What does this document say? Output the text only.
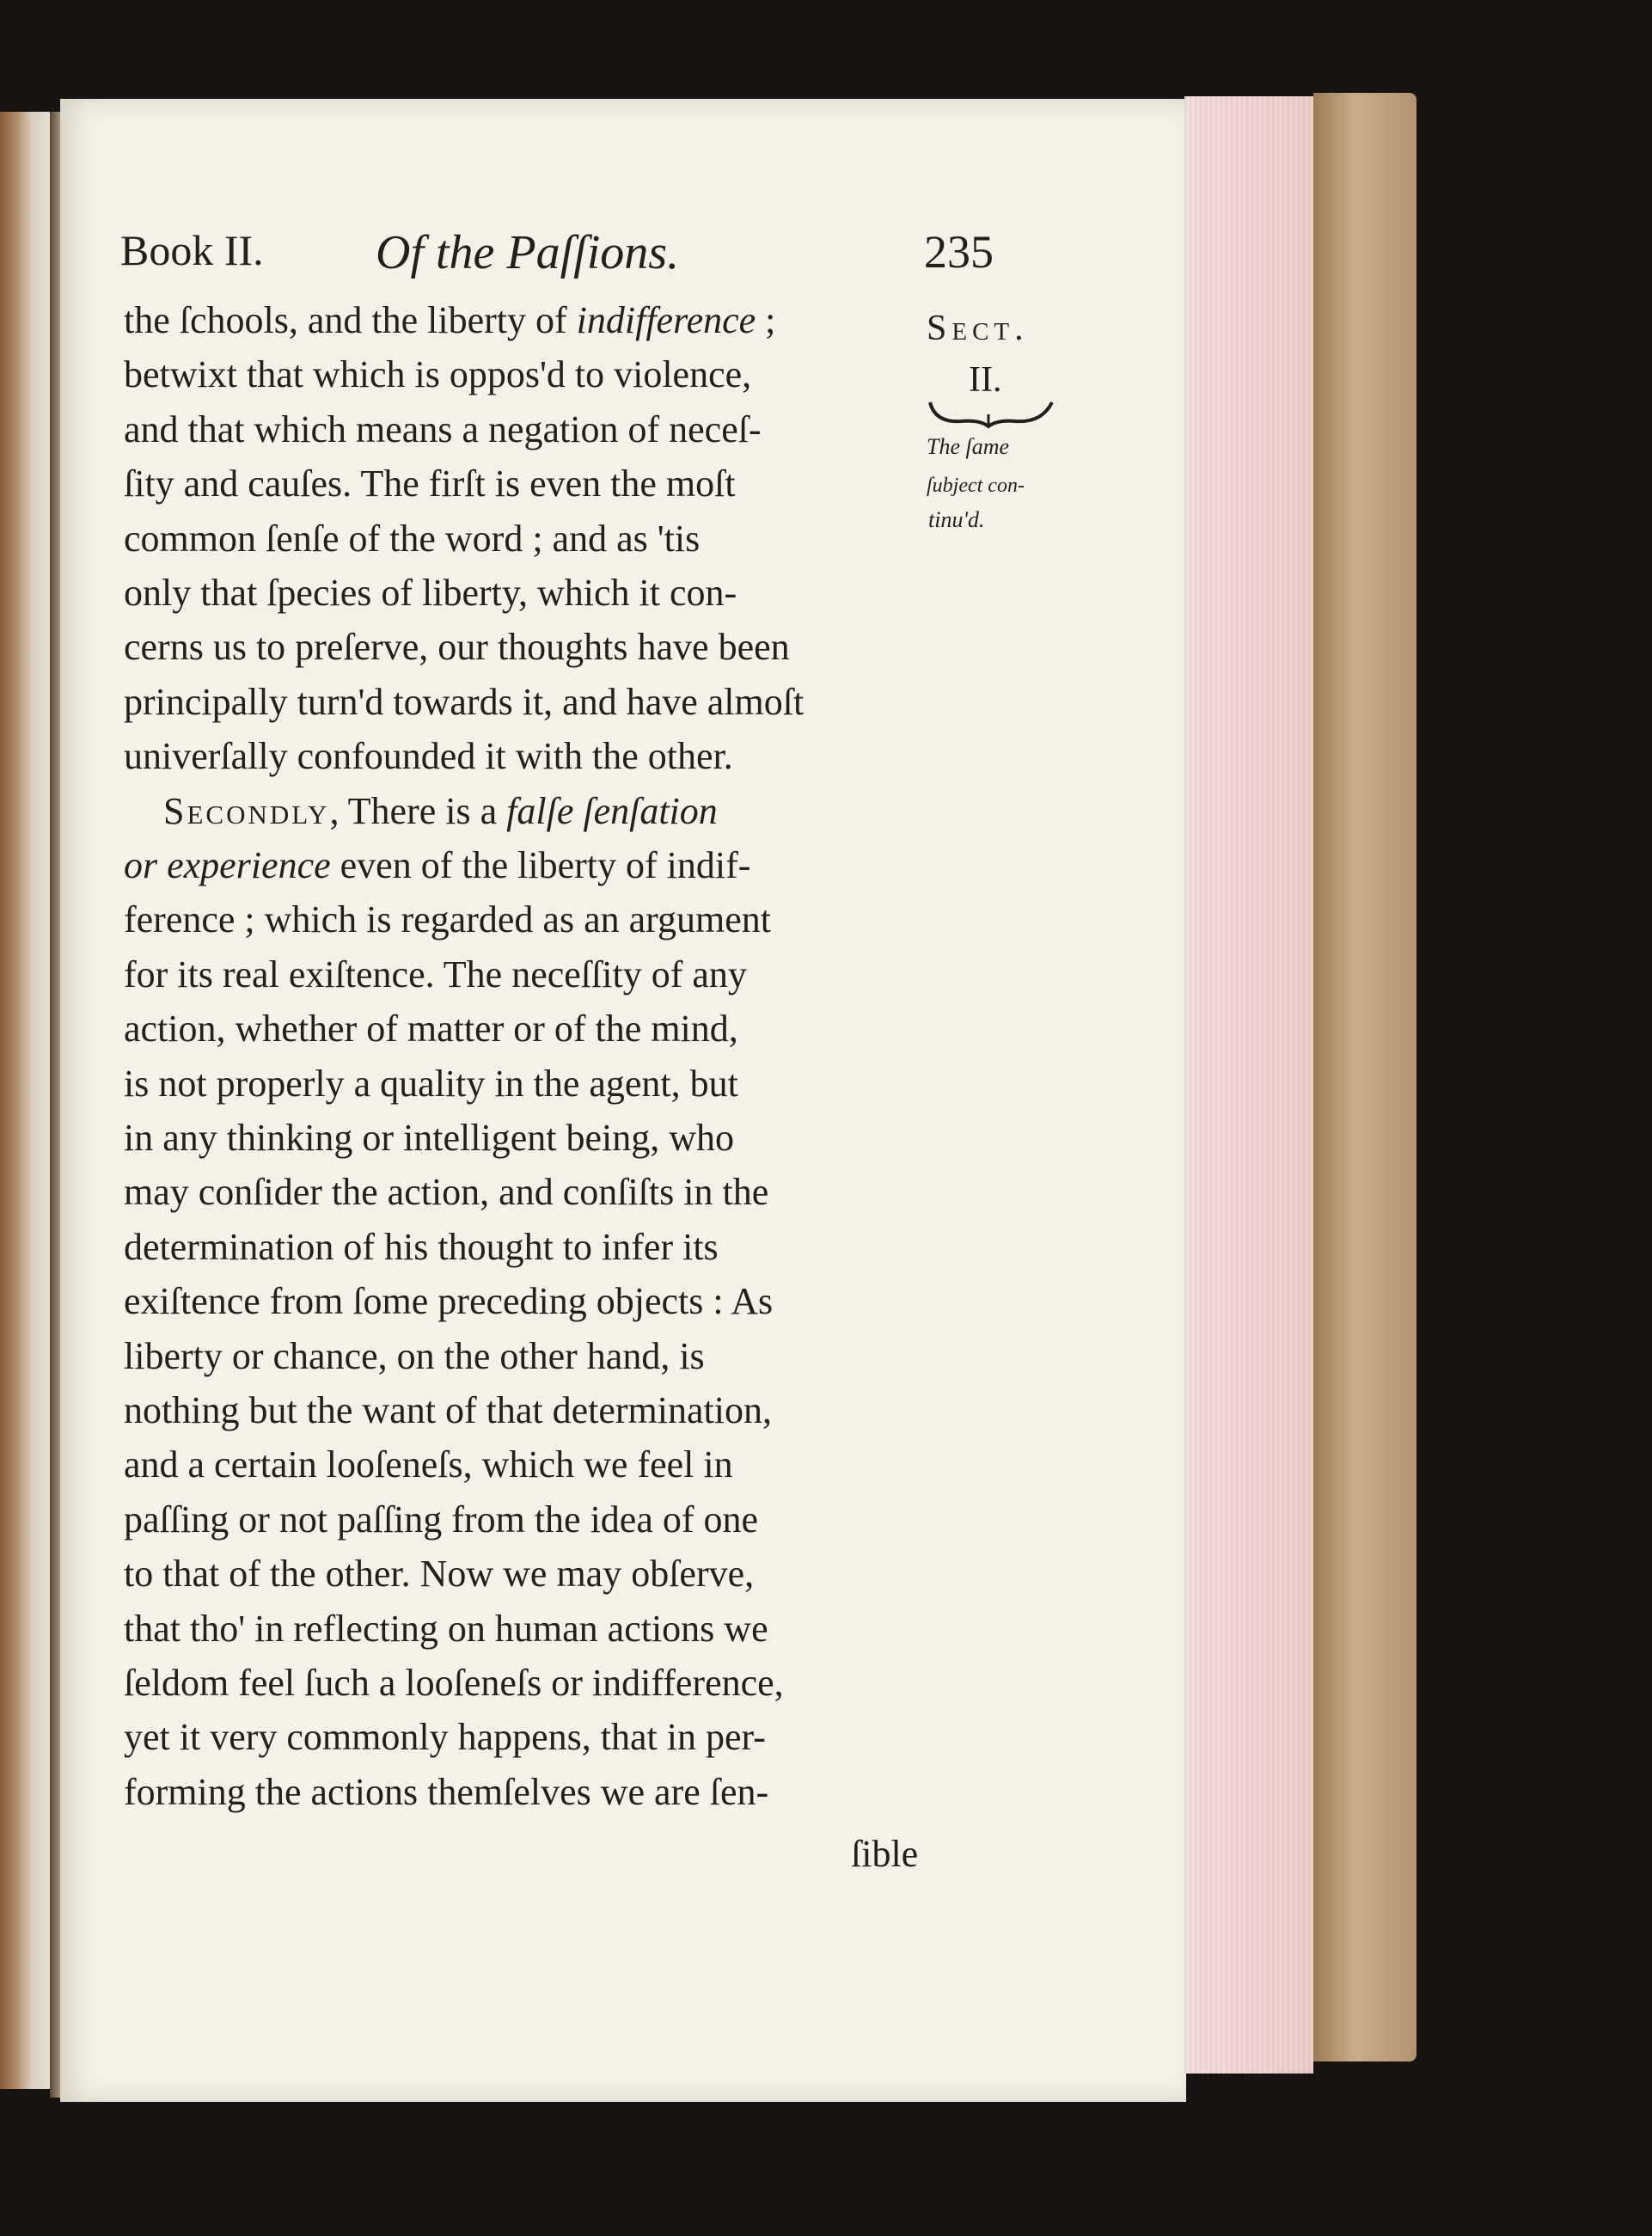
Book II. Of the Paſſions.	235
the ſchools, and the liberty of indifference ;
betwixt that which is oppos'd to violence,
and that which means a negation of neceſ-
ſity and cauſes. The firſt is even the moſt
common ſenſe of the word ; and as 'tis
only that ſpecies of liberty, which it con-
cerns us to preſerve, our thoughts have been
principally turn'd towards it, and have almoſt
univerſally confounded it with the other.
Secondly, There is a falſe ſenſation
or experience even of the liberty of indif-
ference ; which is regarded as an argument
for its real exiſtence. The neceſſity of any
action, whether of matter or of the mind,
is not properly a quality in the agent, but
in any thinking or intelligent being, who
may conſider the action, and conſiſts in the
determination of his thought to infer its
exiſtence from ſome preceding objects : As
liberty or chance, on the other hand, is
nothing but the want of that determination,
and a certain looſeneſs, which we feel in
paſſing or not paſſing from the idea of one
to that of the other. Now we may obſerve,
that tho' in reflecting on human actions we
ſeldom feel ſuch a looſeneſs or indifference,
yet it very commonly happens, that in per-
forming the actions themſelves we are ſen-
ſible
Sect.
II.
The ſame
ſubject con-
tinu'd.
